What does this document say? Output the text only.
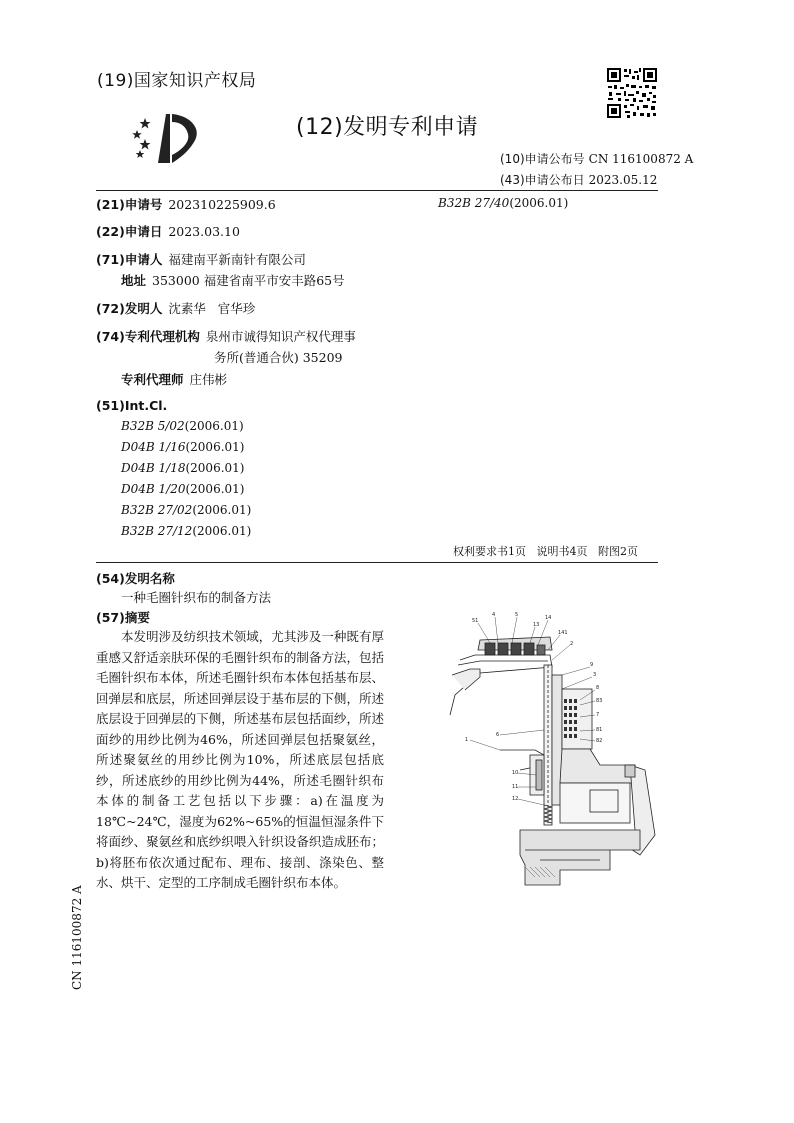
(19)国家知识产权局
(12)发明专利申请
(10)申请公布号 CN 116100872 A
(43)申请公布日 2023.05.12
(21)申请号 202310225909.6	B32B 27/40(2006.01)
(22)申请日 2023.03.10
(71)申请人 福建南平新南针有限公司
地址 353000 福建省南平市安丰路65号
(72)发明人 沈素华   官华珍
(74)专利代理机构 泉州市诚得知识产权代理事
务所(普通合伙) 35209
专利代理师 庄伟彬
(51)Int.Cl.
B32B 5/02(2006.01)
D04B 1/16(2006.01)
D04B 1/18(2006.01)
D04B 1/20(2006.01)
B32B 27/02(2006.01)
B32B 27/12(2006.01)
权利要求书1页   说明书4页   附图2页
(54)发明名称
一种毛圈针织布的制备方法
(57)摘要
本发明涉及纺织技术领域，尤其涉及一种既有厚重感又舒适亲肤环保的毛圈针织布的制备方法，包括毛圈针织布本体，所述毛圈针织布本体包括基布层、回弹层和底层，所述回弹层设于基布层的下侧，所述底层设于回弹层的下侧，所述基布层包括面纱，所述面纱的用纱比例为46%，所述回弹层包括聚氨丝，所述聚氨丝的用纱比例为10%，所述底层包括底纱，所述底纱的用纱比例为44%，所述毛圈针织布本体的制备工艺包括以下步骤：a)在温度为18℃~24℃，湿度为62%~65%的恒温恒湿条件下将面纱、聚氨丝和底纱织喂入针织设备织造成胚布；b)将胚布依次通过配布、理布、接剖、涤染色、整水、烘干、定型的工序制成毛圈针织布本体。
CN 116100872 A
51
4	5	14
13
141
2
9
3
8
83
7
81
82
1
6
10
11
12
